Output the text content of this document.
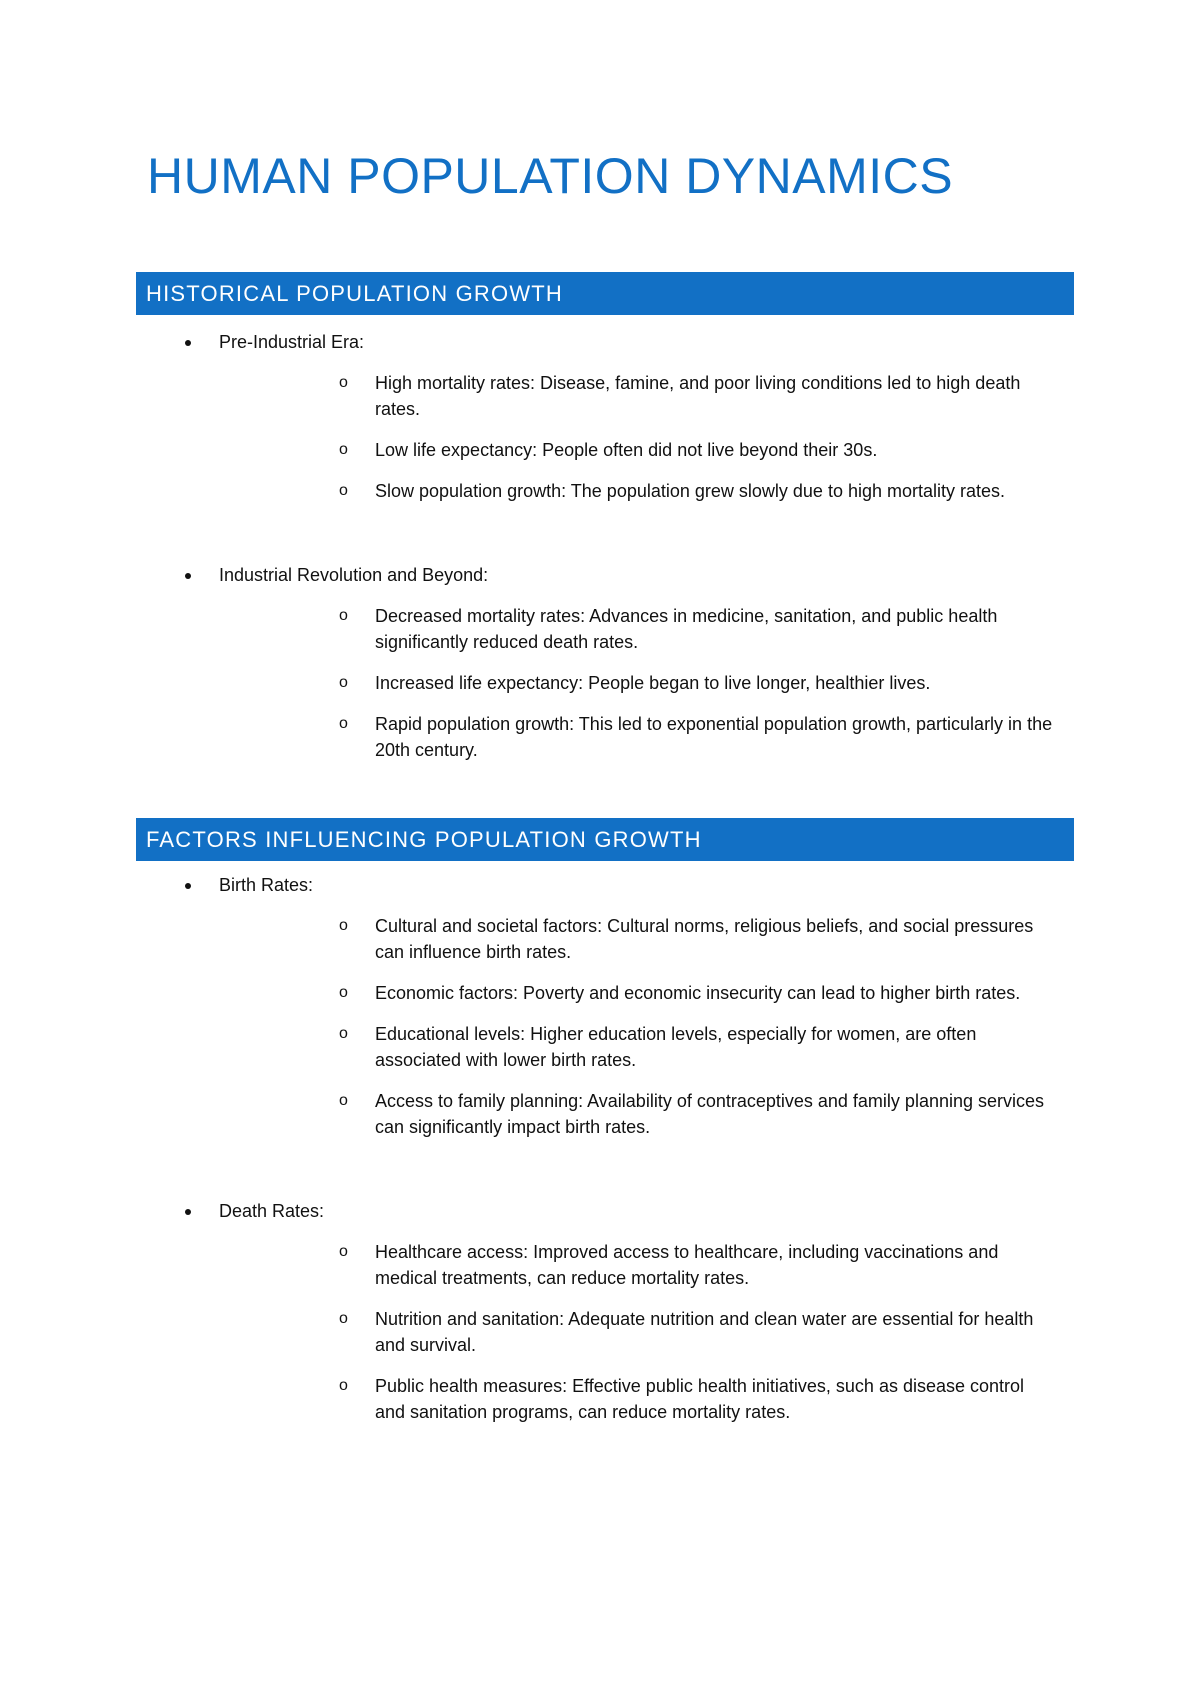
HUMAN POPULATION DYNAMICS
HISTORICAL POPULATION GROWTH
Pre-Industrial Era:
o High mortality rates: Disease, famine, and poor living conditions led to high death rates.
o Low life expectancy: People often did not live beyond their 30s.
o Slow population growth: The population grew slowly due to high mortality rates.
Industrial Revolution and Beyond:
o Decreased mortality rates: Advances in medicine, sanitation, and public health significantly reduced death rates.
o Increased life expectancy: People began to live longer, healthier lives.
o Rapid population growth: This led to exponential population growth, particularly in the 20th century.
FACTORS INFLUENCING POPULATION GROWTH
Birth Rates:
o Cultural and societal factors: Cultural norms, religious beliefs, and social pressures can influence birth rates.
o Economic factors: Poverty and economic insecurity can lead to higher birth rates.
o Educational levels: Higher education levels, especially for women, are often associated with lower birth rates.
o Access to family planning: Availability of contraceptives and family planning services can significantly impact birth rates.
Death Rates:
o Healthcare access: Improved access to healthcare, including vaccinations and medical treatments, can reduce mortality rates.
o Nutrition and sanitation: Adequate nutrition and clean water are essential for health and survival.
o Public health measures: Effective public health initiatives, such as disease control and sanitation programs, can reduce mortality rates.
